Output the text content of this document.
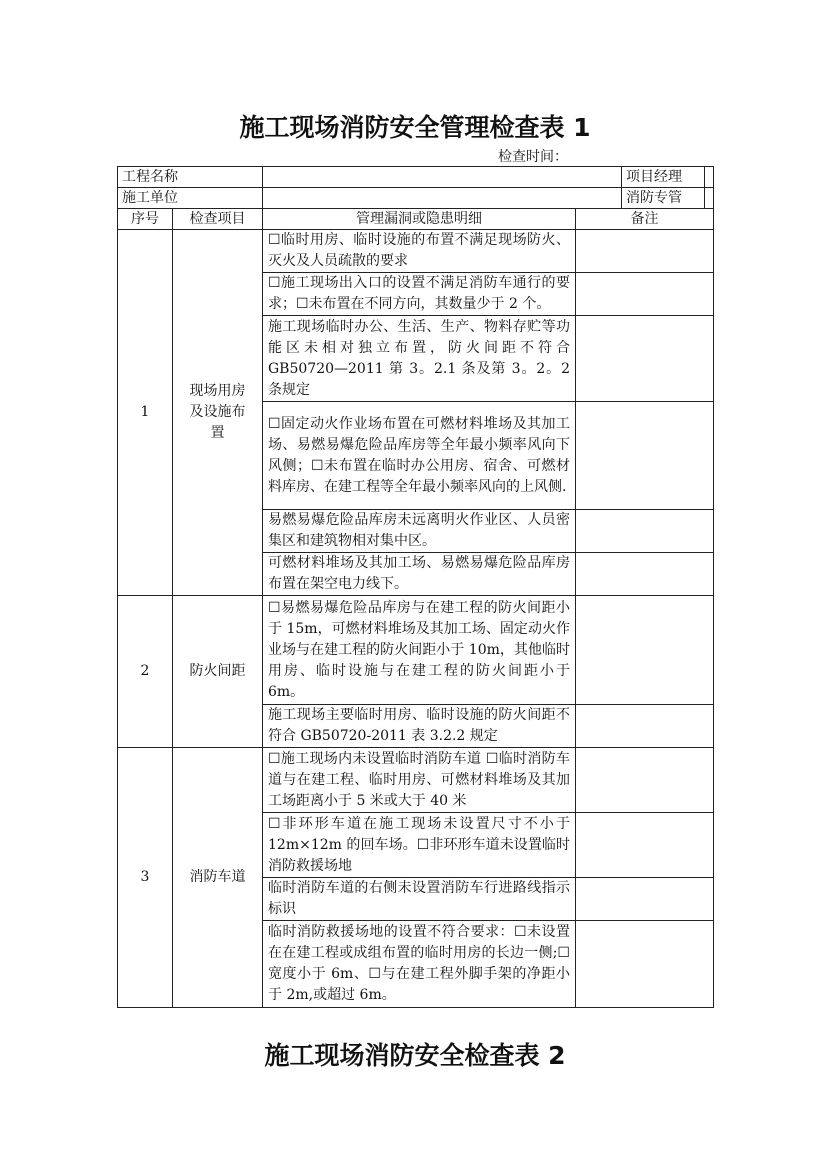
施工现场消防安全管理检查表 1
检查时间：
工程名称		项目经理	

施工单位		消防专管	

序号	检查项目	管理漏洞或隐患明细	备注
1	现场用房及设施布置	☐临时用房、临时设施的布置不满足现场防火、灭火及人员疏散的要求	
		☐施工现场出入口的设置不满足消防车通行的要求；☐未布置在不同方向，其数量少于 2 个。	
		施工现场临时办公、生活、生产、物料存贮等功能区未相对独立布置，防火间距不符合GB50720—2011 第 3。2.1 条及第 3。2。2 条规定	
		☐固定动火作业场布置在可燃材料堆场及其加工场、易燃易爆危险品库房等全年最小频率风向下风侧；☐未布置在临时办公用房、宿舍、可燃材料库房、在建工程等全年最小频率风向的上风侧.	
		易燃易爆危险品库房未远离明火作业区、人员密集区和建筑物相对集中区。	
		可燃材料堆场及其加工场、易燃易爆危险品库房布置在架空电力线下。	
2	防火间距	☐易燃易爆危险品库房与在建工程的防火间距小于 15m，可燃材料堆场及其加工场、固定动火作业场与在建工程的防火间距小于 10m，其他临时用房、临时设施与在建工程的防火间距小于 6m。	
		施工现场主要临时用房、临时设施的防火间距不符合 GB50720-2011 表 3.2.2 规定	
3	消防车道	☐施工现场内未设置临时消防车道 ☐临时消防车道与在建工程、临时用房、可燃材料堆场及其加工场距离小于 5 米或大于 40 米	
		☐非环形车道在施工现场未设置尺寸不小于12m×12m 的回车场。☐非环形车道未设置临时消防救援场地	
		临时消防车道的右侧未设置消防车行进路线指示标识	
		临时消防救援场地的设置不符合要求：☐未设置在在建工程或成组布置的临时用房的长边一侧;☐宽度小于 6m、☐与在建工程外脚手架的净距小于 2m,或超过 6m。	
施工现场消防安全检查表 2
